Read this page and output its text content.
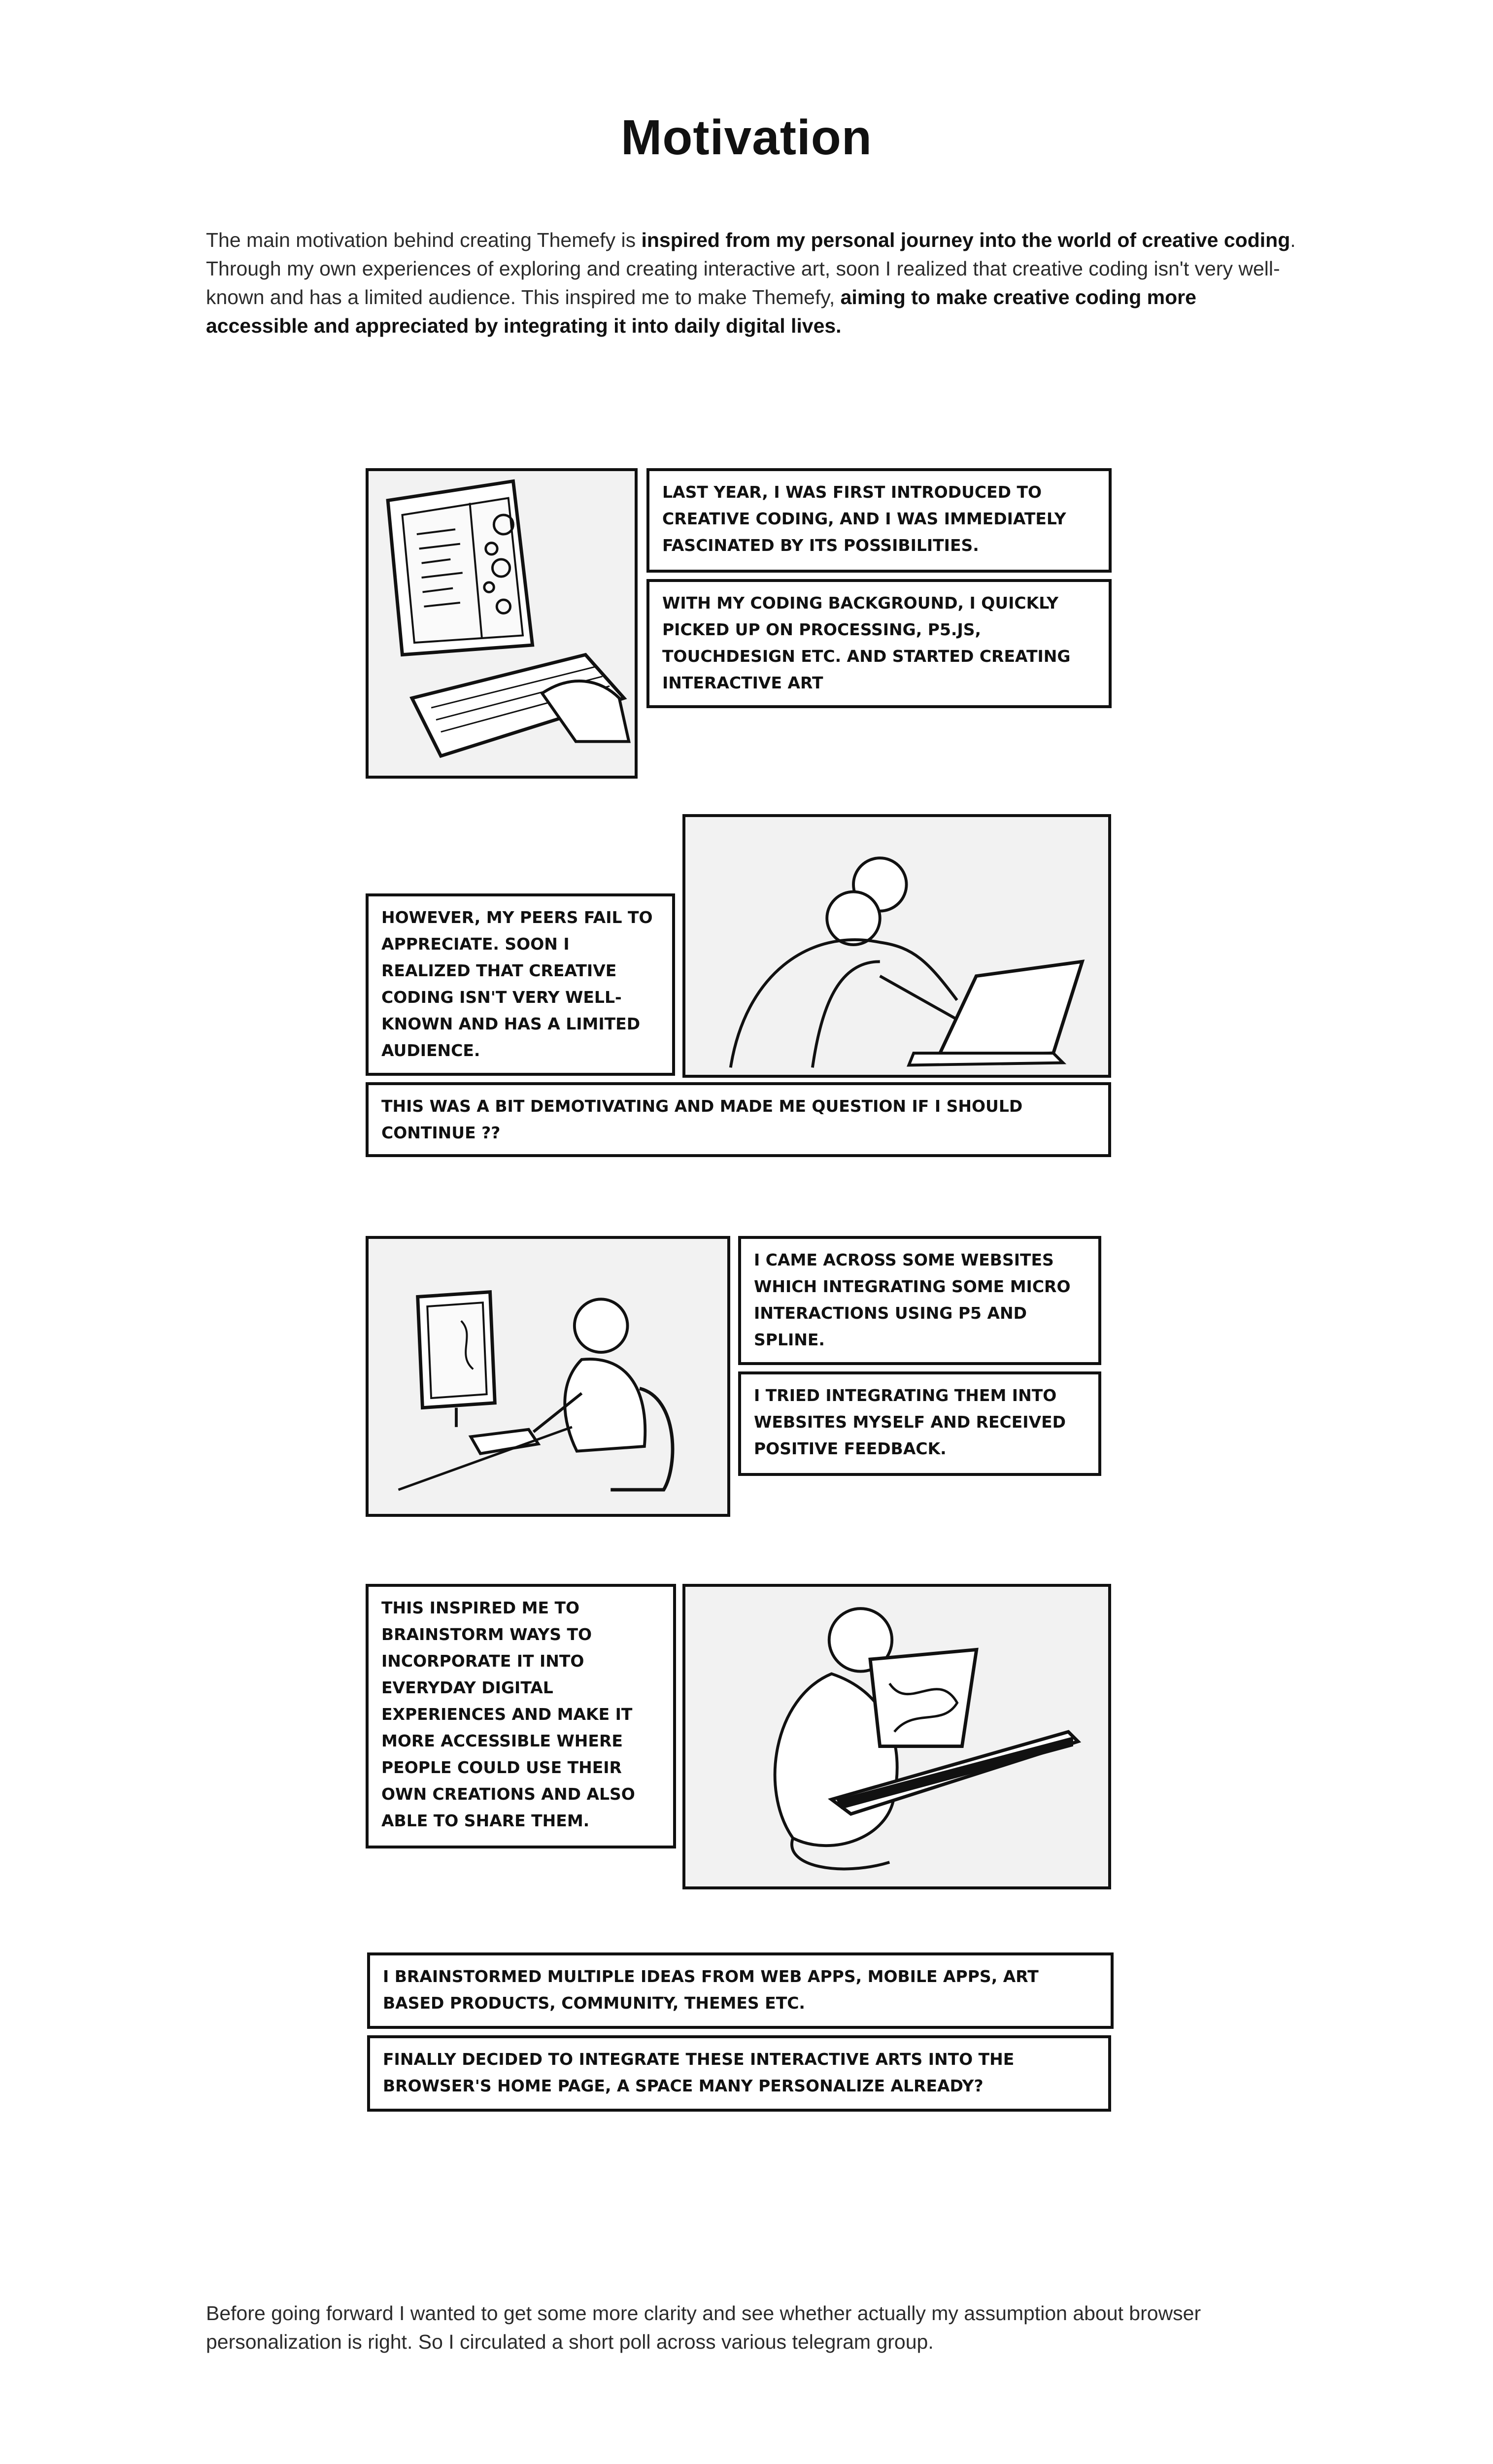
Motivation
The main motivation behind creating Themefy is inspired from my personal journey into the world of creative coding. Through my own experiences of exploring and creating interactive art, soon I realized that creative coding isn't very well-known and has a limited audience. This inspired me to make Themefy, aiming to make creative coding more accessible and appreciated by integrating it into daily digital lives.
LAST YEAR, I WAS FIRST INTRODUCED TO CREATIVE CODING, AND I WAS IMMEDIATELY FASCINATED BY ITS POSSIBILITIES.
WITH MY CODING BACKGROUND, I QUICKLY PICKED UP ON PROCESSING, P5.JS, TOUCHDESIGN ETC. AND STARTED CREATING INTERACTIVE ART
HOWEVER, MY PEERS FAIL TO APPRECIATE. SOON I REALIZED THAT CREATIVE CODING ISN'T VERY WELL-KNOWN AND HAS A LIMITED AUDIENCE.
THIS WAS A BIT DEMOTIVATING AND MADE ME QUESTION IF I SHOULD CONTINUE ??
I CAME ACROSS SOME WEBSITES WHICH INTEGRATING SOME MICRO INTERACTIONS USING P5 AND SPLINE.
I TRIED INTEGRATING THEM INTO WEBSITES MYSELF AND RECEIVED POSITIVE FEEDBACK.
THIS INSPIRED ME TO BRAINSTORM WAYS TO INCORPORATE IT INTO EVERYDAY DIGITAL EXPERIENCES AND MAKE IT MORE ACCESSIBLE WHERE PEOPLE COULD USE THEIR OWN CREATIONS AND ALSO ABLE TO SHARE THEM.
I BRAINSTORMED MULTIPLE IDEAS FROM WEB APPS, MOBILE APPS, ART BASED PRODUCTS, COMMUNITY, THEMES ETC.
FINALLY DECIDED TO INTEGRATE THESE INTERACTIVE ARTS INTO THE BROWSER'S HOME PAGE, A SPACE MANY PERSONALIZE ALREADY?
Before going forward I wanted to get some more clarity and see whether actually my assumption about browser personalization is right. So I circulated a short poll across various telegram group.
